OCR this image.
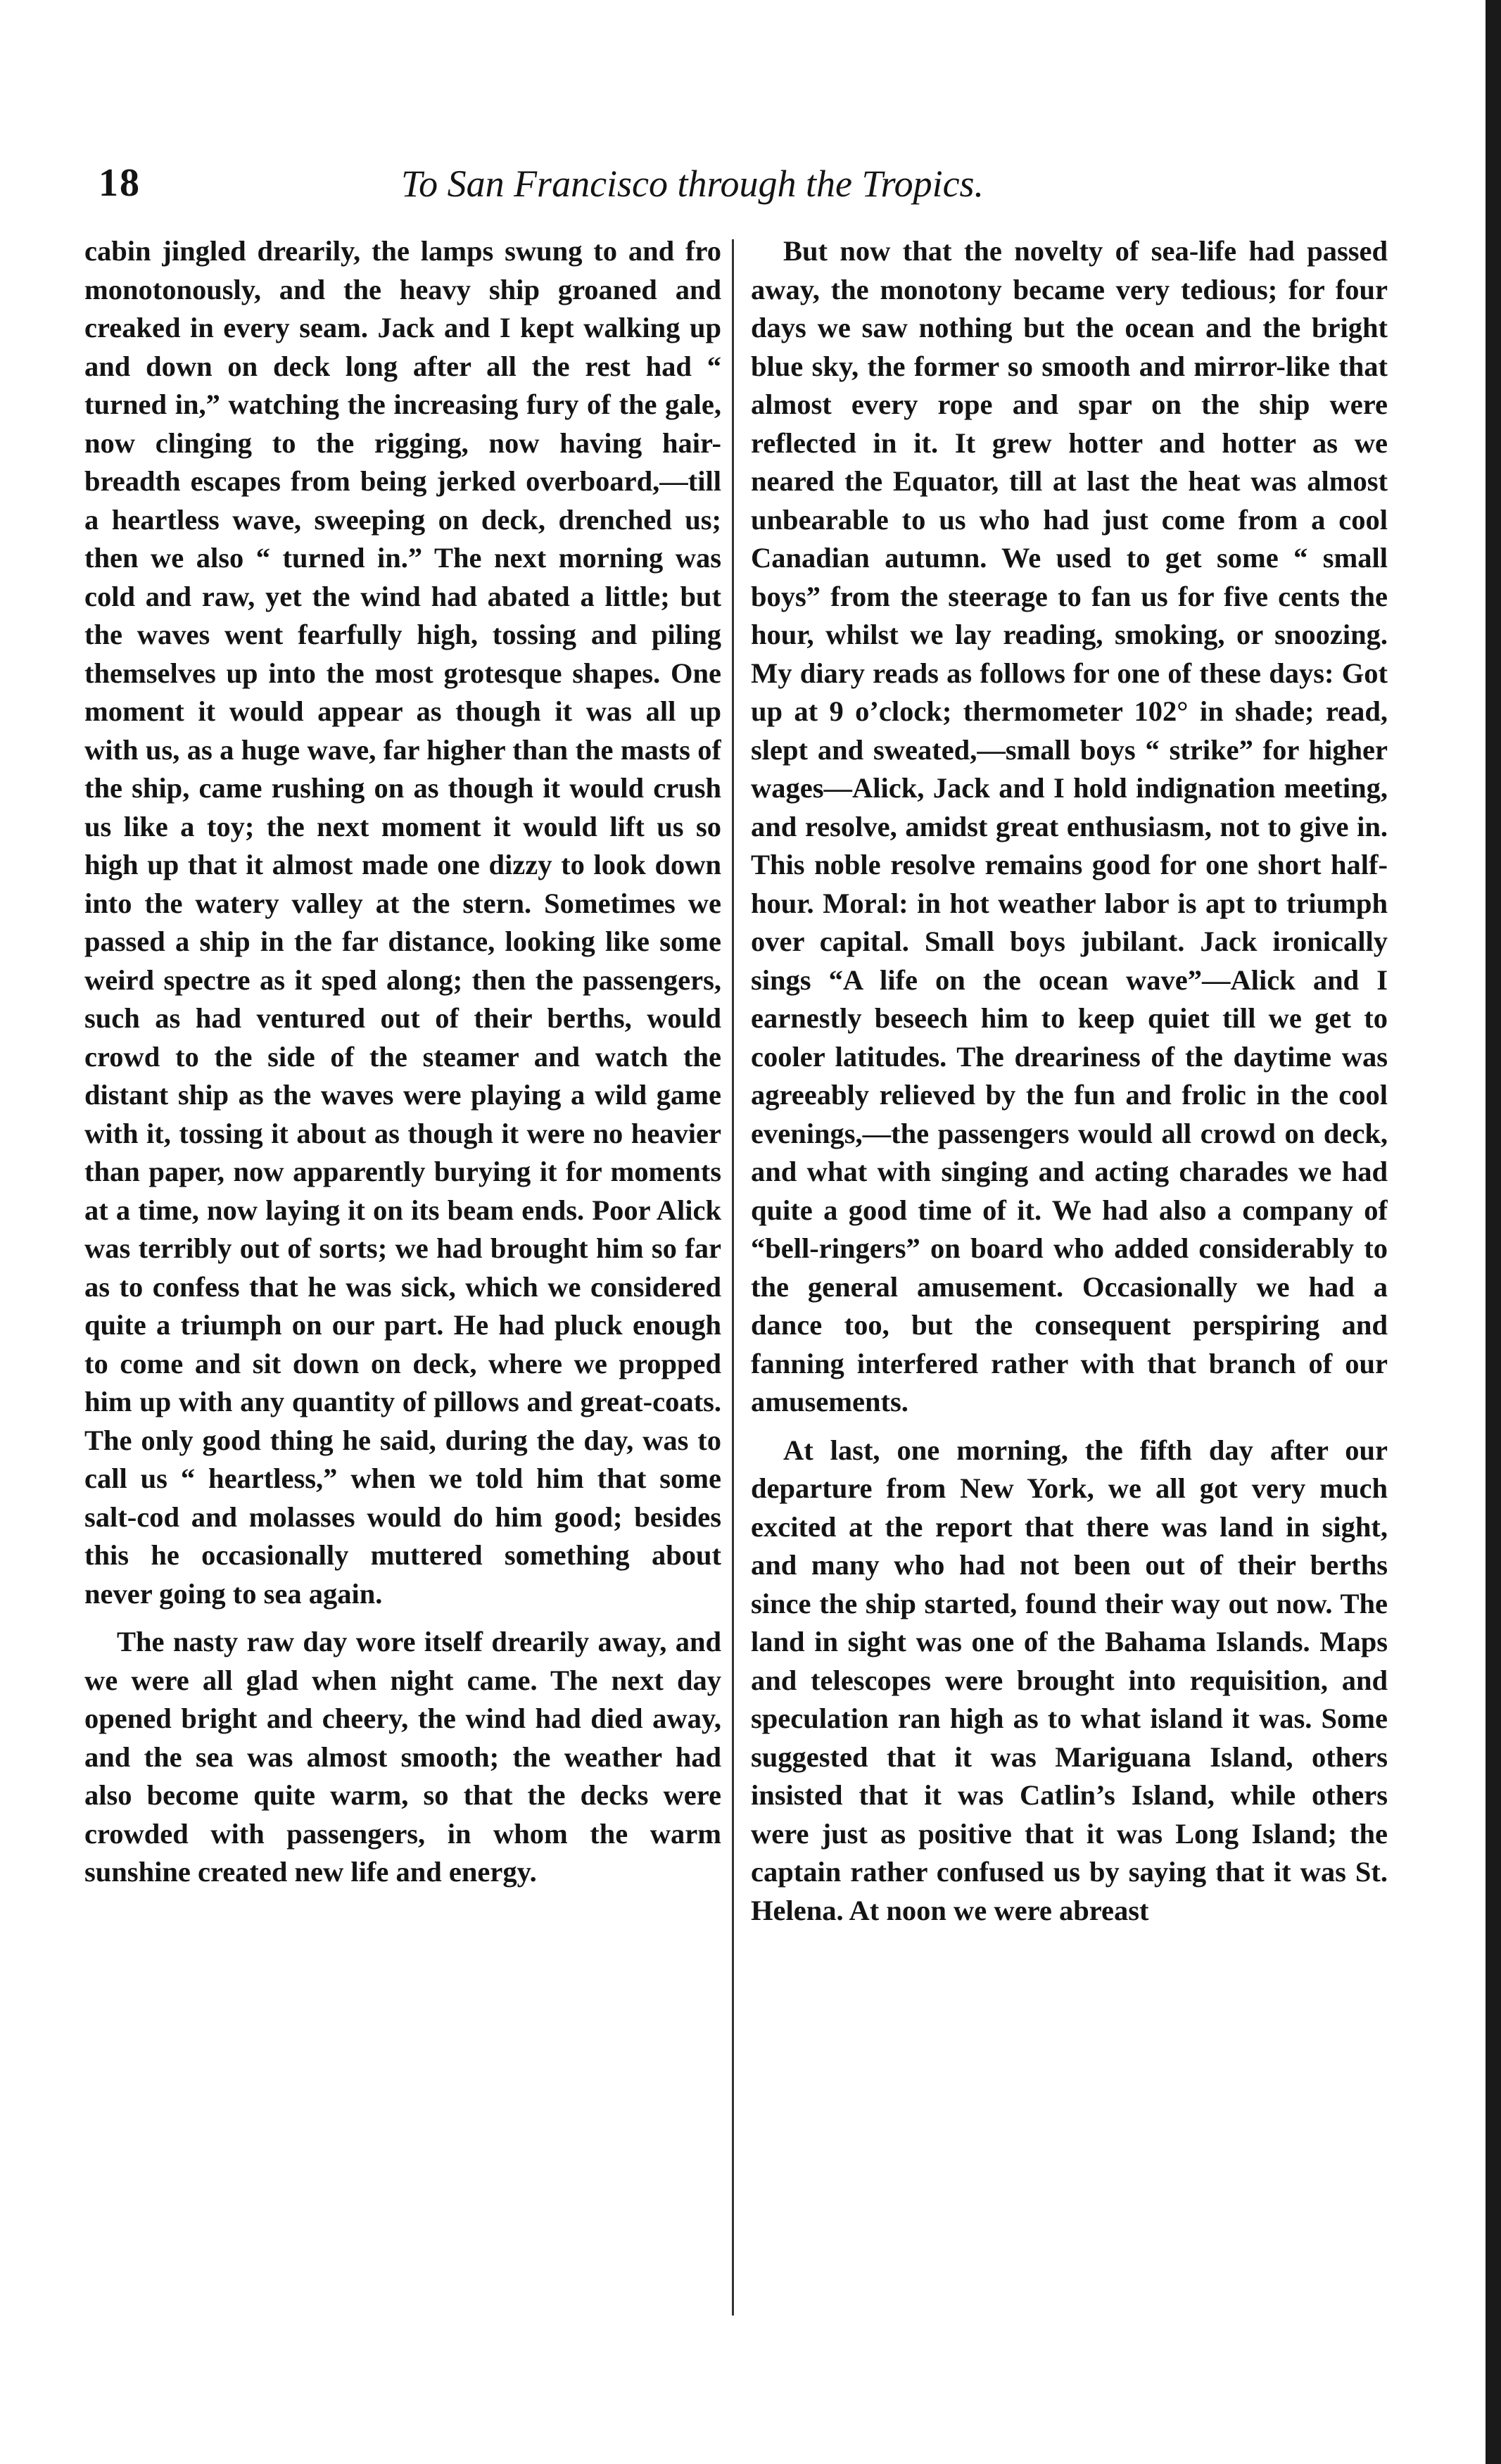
18	To San Francisco through the Tropics.

cabin jingled drearily, the lamps swung to and fro monotonously, and the heavy ship groaned and creaked in every seam. Jack and I kept walking up and down on deck long after all the rest had “ turned in,” watching the increasing fury of the gale, now clinging to the rigging, now having hair-breadth escapes from being jerked overboard,—till a heartless wave, sweeping on deck, drenched us; then we also “ turned in.” The next morning was cold and raw, yet the wind had abated a little; but the waves went fearfully high, tossing and piling themselves up into the most grotesque shapes. One moment it would appear as though it was all up with us, as a huge wave, far higher than the masts of the ship, came rushing on as though it would crush us like a toy; the next moment it would lift us so high up that it almost made one dizzy to look down into the watery valley at the stern. Sometimes we passed a ship in the far distance, looking like some weird spectre as it sped along; then the passengers, such as had ventured out of their berths, would crowd to the side of the steamer and watch the distant ship as the waves were playing a wild game with it, tossing it about as though it were no heavier than paper, now apparently burying it for moments at a time, now laying it on its beam ends. Poor Alick was terribly out of sorts; we had brought him so far as to confess that he was sick, which we considered quite a triumph on our part. He had pluck enough to come and sit down on deck, where we propped him up with any quantity of pillows and great-coats. The only good thing he said, during the day, was to call us “ heartless,” when we told him that some salt-cod and molasses would do him good; besides this he occasionally muttered something about never going to sea again.

The nasty raw day wore itself drearily away, and we were all glad when night came. The next day opened bright and cheery, the wind had died away, and the sea was almost smooth; the weather had also become quite warm, so that the decks were crowded with passengers, in whom the warm sunshine created new life and energy.

But now that the novelty of sea-life had passed away, the monotony became very tedious; for four days we saw nothing but the ocean and the bright blue sky, the former so smooth and mirror-like that almost every rope and spar on the ship were reflected in it. It grew hotter and hotter as we neared the Equator, till at last the heat was almost unbearable to us who had just come from a cool Canadian autumn. We used to get some “ small boys” from the steerage to fan us for five cents the hour, whilst we lay reading, smoking, or snoozing. My diary reads as follows for one of these days: Got up at 9 o’clock; thermometer 102° in shade; read, slept and sweated,—small boys “ strike” for higher wages—Alick, Jack and I hold indignation meeting, and resolve, amidst great enthusiasm, not to give in. This noble resolve remains good for one short half-hour. Moral: in hot weather labor is apt to triumph over capital. Small boys jubilant. Jack ironically sings “A life on the ocean wave”—Alick and I earnestly beseech him to keep quiet till we get to cooler latitudes. The dreariness of the daytime was agreeably relieved by the fun and frolic in the cool evenings,—the passengers would all crowd on deck, and what with singing and acting charades we had quite a good time of it. We had also a company of “bell-ringers” on board who added considerably to the general amusement. Occasionally we had a dance too, but the consequent perspiring and fanning interfered rather with that branch of our amusements.

At last, one morning, the fifth day after our departure from New York, we all got very much excited at the report that there was land in sight, and many who had not been out of their berths since the ship started, found their way out now. The land in sight was one of the Bahama Islands. Maps and telescopes were brought into requisition, and speculation ran high as to what island it was. Some suggested that it was Mariguana Island, others insisted that it was Catlin’s Island, while others were just as positive that it was Long Island; the captain rather confused us by saying that it was St. Helena. At noon we were abreast
